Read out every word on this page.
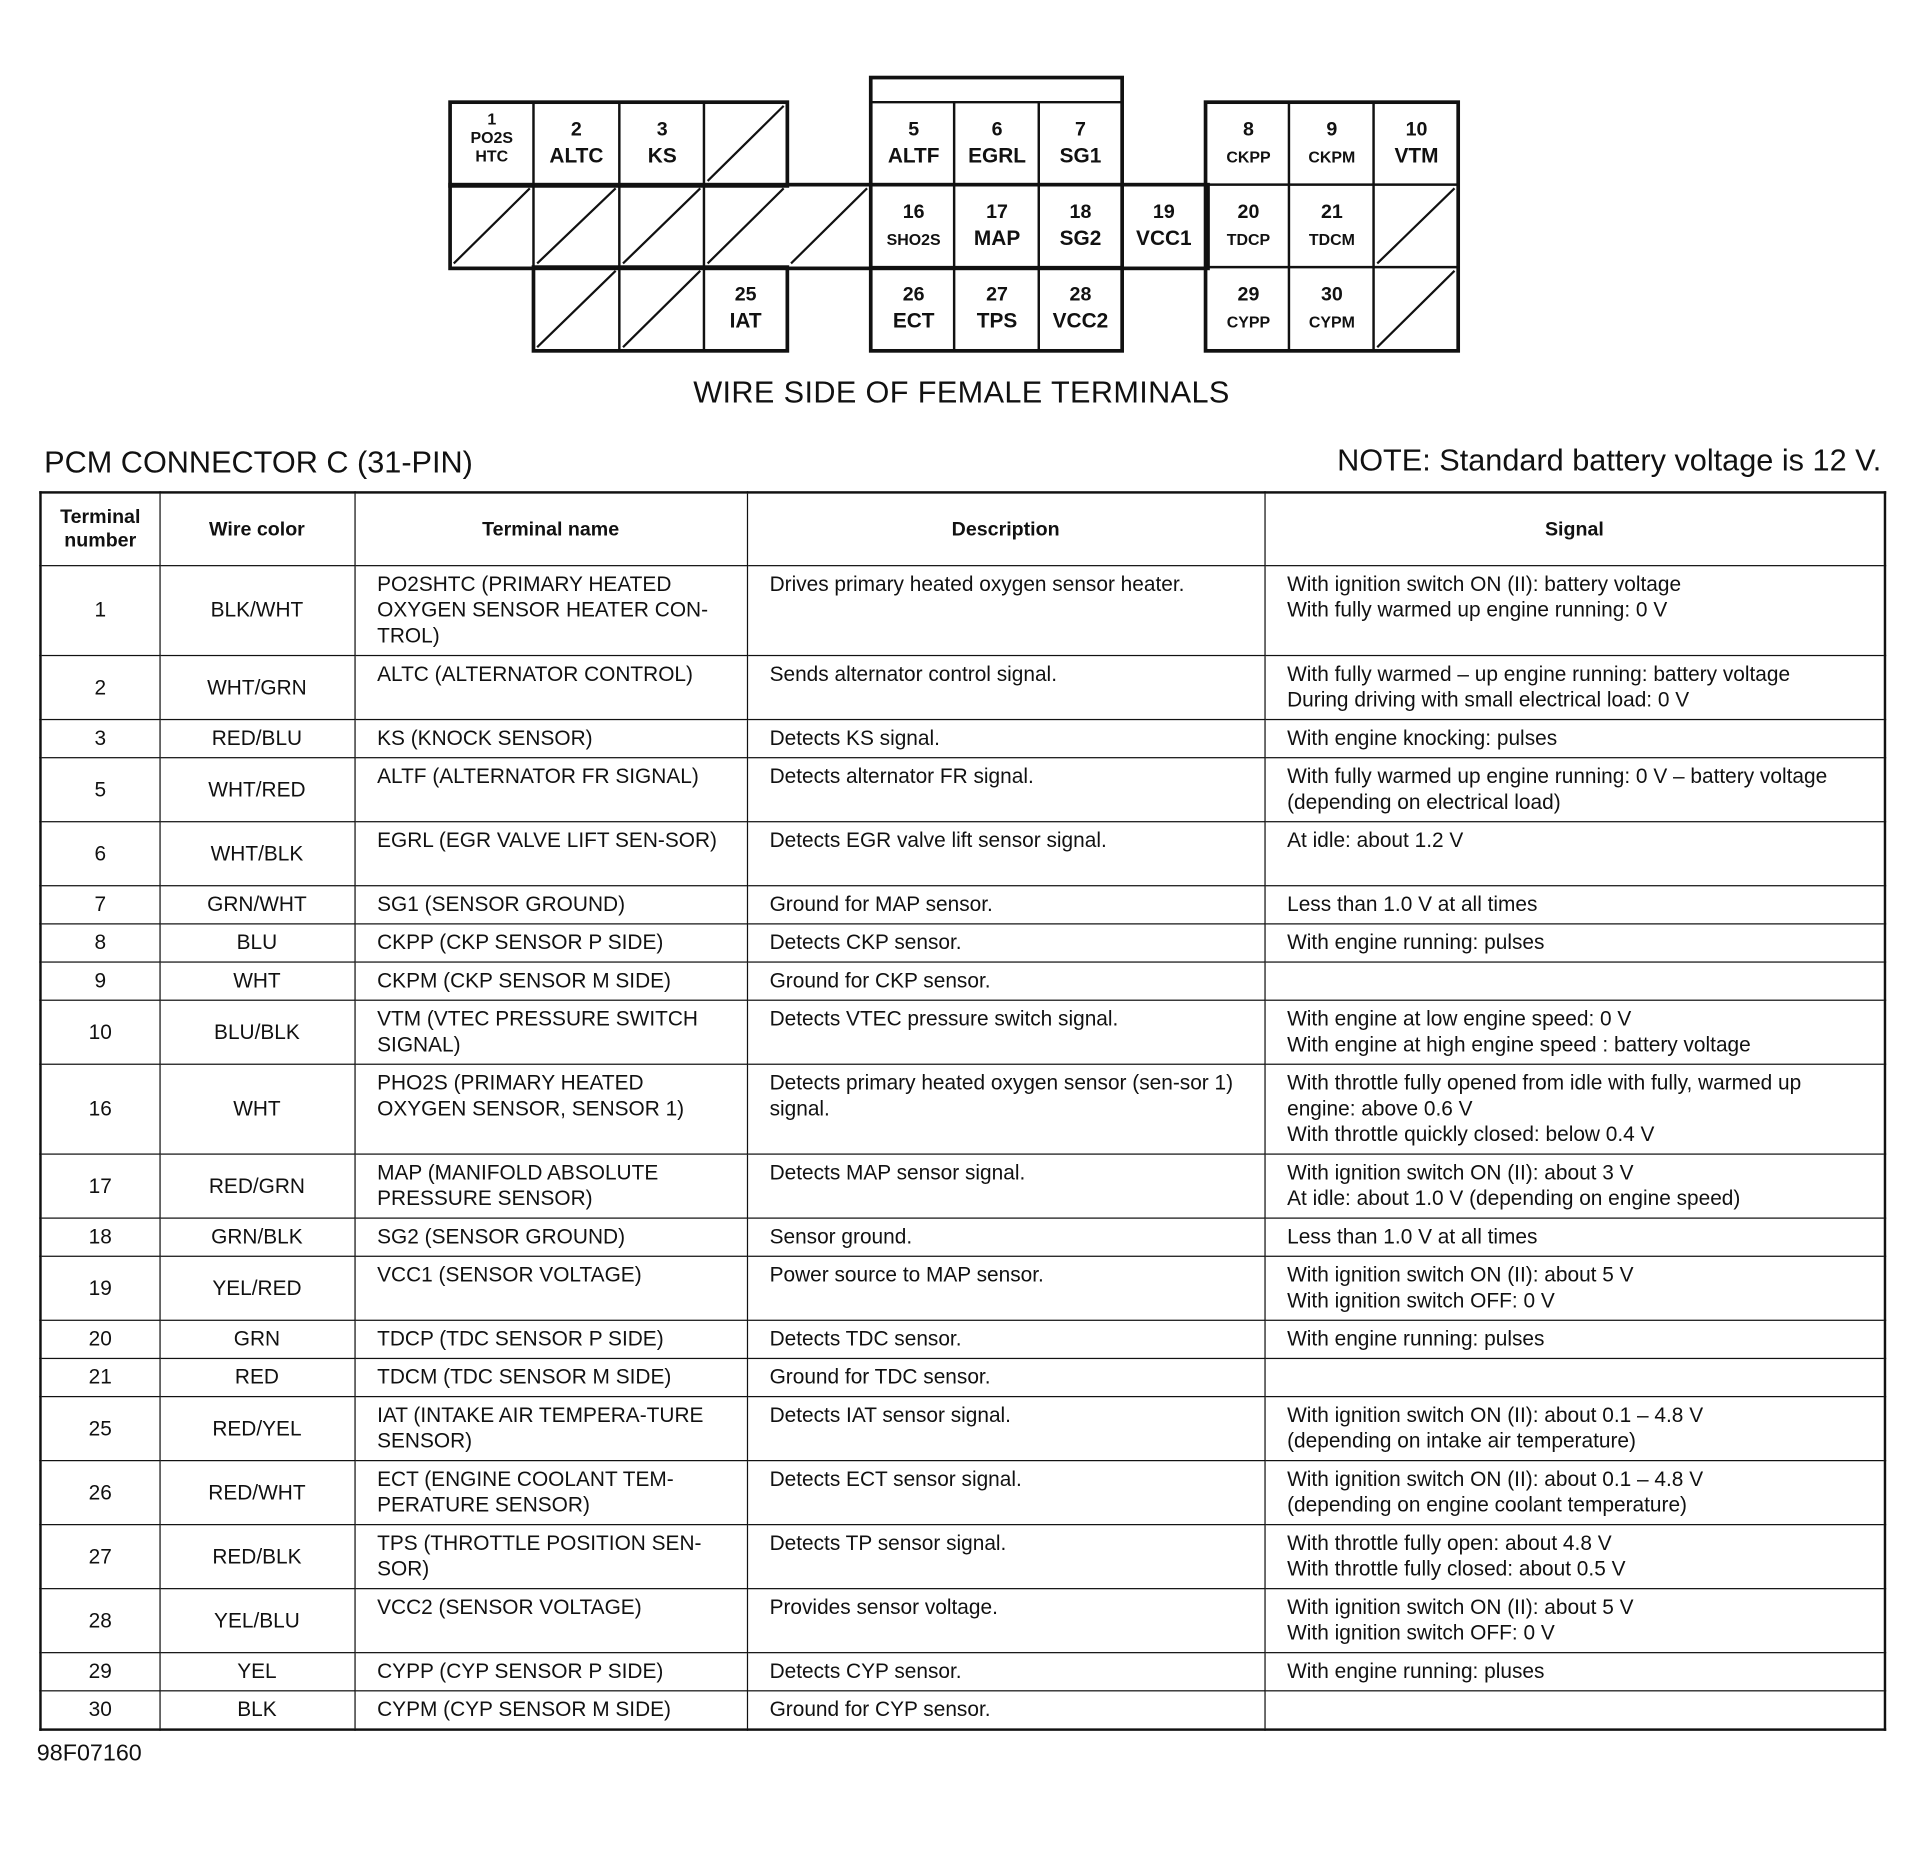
1
PO2S
HTC
2
ALTC
3
KS
5
ALTF
6
EGRL
7
SG1
8
CKPP
9
CKPM
10
VTM
16
SHO2S
17
MAP
18
SG2
19
VCC1
20
TDCP
21
TDCM
25
IAT
26
ECT
27
TPS
28
VCC2
29
CYPP
30
CYPM
WIRE SIDE OF FEMALE TERMINALS
PCM CONNECTOR C (31-PIN)	NOTE: Standard battery voltage is 12 V.
Terminal
number	Wire color	Terminal name	Description	Signal
1	BLK/WHT	PO2SHTC (PRIMARY HEATED OXYGEN SENSOR HEATER CON-TROL)	Drives primary heated oxygen sensor heater.	With ignition switch ON (II): battery voltage
With fully warmed up engine running: 0 V
2	WHT/GRN	ALTC (ALTERNATOR CONTROL)	Sends alternator control signal.	With fully warmed – up engine running: battery voltage
During driving with small electrical load: 0 V
3	RED/BLU	KS (KNOCK SENSOR)	Detects KS signal.	With engine knocking: pulses
5	WHT/RED	ALTF (ALTERNATOR FR SIGNAL)	Detects alternator FR signal.	With fully warmed up engine running: 0 V – battery voltage (depending on electrical load)
6	WHT/BLK	EGRL (EGR VALVE LIFT SEN-SOR)	Detects EGR valve lift sensor signal.	At idle: about 1.2 V
7	GRN/WHT	SG1 (SENSOR GROUND)	Ground for MAP sensor.	Less than 1.0 V at all times
8	BLU	CKPP (CKP SENSOR P SIDE)	Detects CKP sensor.	With engine running: pulses
9	WHT	CKPM (CKP SENSOR M SIDE)	Ground for CKP sensor.	
10	BLU/BLK	VTM (VTEC PRESSURE SWITCH SIGNAL)	Detects VTEC pressure switch signal.	With engine at low engine speed: 0 V
With engine at high engine speed : battery voltage
16	WHT	PHO2S (PRIMARY HEATED OXYGEN SENSOR, SENSOR 1)	Detects primary heated oxygen sensor (sen-sor 1) signal.	With throttle fully opened from idle with fully, warmed up engine: above 0.6 V
With throttle quickly closed: below 0.4 V
17	RED/GRN	MAP (MANIFOLD ABSOLUTE PRESSURE SENSOR)	Detects MAP sensor signal.	With ignition switch ON (II): about 3 V
At idle: about 1.0 V (depending on engine speed)
18	GRN/BLK	SG2 (SENSOR GROUND)	Sensor ground.	Less than 1.0 V at all times
19	YEL/RED	VCC1 (SENSOR VOLTAGE)	Power source to MAP sensor.	With ignition switch ON (II): about 5 V
With ignition switch OFF: 0 V
20	GRN	TDCP (TDC SENSOR P SIDE)	Detects TDC sensor.	With engine running: pulses
21	RED	TDCM (TDC SENSOR M SIDE)	Ground for TDC sensor.	
25	RED/YEL	IAT (INTAKE AIR TEMPERA-TURE SENSOR)	Detects IAT sensor signal.	With ignition switch ON (II): about 0.1 – 4.8 V
(depending on intake air temperature)
26	RED/WHT	ECT (ENGINE COOLANT TEM-PERATURE SENSOR)	Detects ECT sensor signal.	With ignition switch ON (II): about 0.1 – 4.8 V
(depending on engine coolant temperature)
27	RED/BLK	TPS (THROTTLE POSITION SEN-SOR)	Detects TP sensor signal.	With throttle fully open: about 4.8 V
With throttle fully closed: about 0.5 V
28	YEL/BLU	VCC2 (SENSOR VOLTAGE)	Provides sensor voltage.	With ignition switch ON (II): about 5 V
With ignition switch OFF: 0 V
29	YEL	CYPP (CYP SENSOR P SIDE)	Detects CYP sensor.	With engine running: pluses
30	BLK	CYPM (CYP SENSOR M SIDE)	Ground for CYP sensor.	
98F07160
